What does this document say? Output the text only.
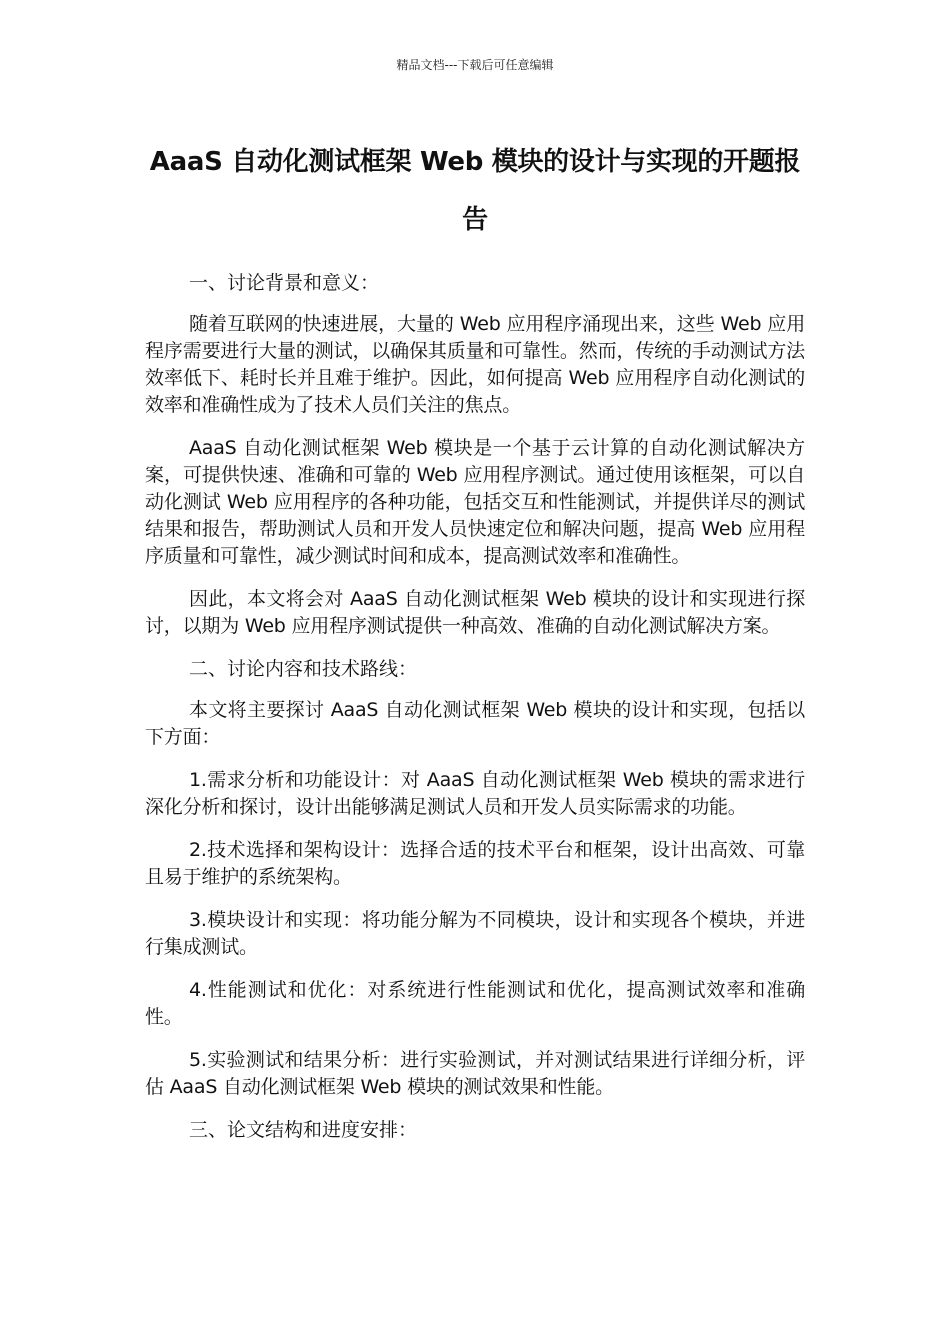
精品文档---下载后可任意编辑
AaaS 自动化测试框架 Web 模块的设计与实现的开题报告

一、讨论背景和意义：

随着互联网的快速进展，大量的 Web 应用程序涌现出来，这些 Web 应用程序需要进行大量的测试，以确保其质量和可靠性。然而，传统的手动测试方法效率低下、耗时长并且难于维护。因此，如何提高 Web 应用程序自动化测试的效率和准确性成为了技术人员们关注的焦点。

AaaS 自动化测试框架 Web 模块是一个基于云计算的自动化测试解决方案，可提供快速、准确和可靠的 Web 应用程序测试。通过使用该框架，可以自动化测试 Web 应用程序的各种功能，包括交互和性能测试，并提供详尽的测试结果和报告，帮助测试人员和开发人员快速定位和解决问题，提高 Web 应用程序质量和可靠性，减少测试时间和成本，提高测试效率和准确性。

因此，本文将会对 AaaS 自动化测试框架 Web 模块的设计和实现进行探讨，以期为 Web 应用程序测试提供一种高效、准确的自动化测试解决方案。

二、讨论内容和技术路线：

本文将主要探讨 AaaS 自动化测试框架 Web 模块的设计和实现，包括以下方面：

1.需求分析和功能设计：对 AaaS 自动化测试框架 Web 模块的需求进行深化分析和探讨，设计出能够满足测试人员和开发人员实际需求的功能。

2.技术选择和架构设计：选择合适的技术平台和框架，设计出高效、可靠且易于维护的系统架构。

3.模块设计和实现：将功能分解为不同模块，设计和实现各个模块，并进行集成测试。

4.性能测试和优化：对系统进行性能测试和优化，提高测试效率和准确性。

5.实验测试和结果分析：进行实验测试，并对测试结果进行详细分析，评估 AaaS 自动化测试框架 Web 模块的测试效果和性能。

三、论文结构和进度安排：
